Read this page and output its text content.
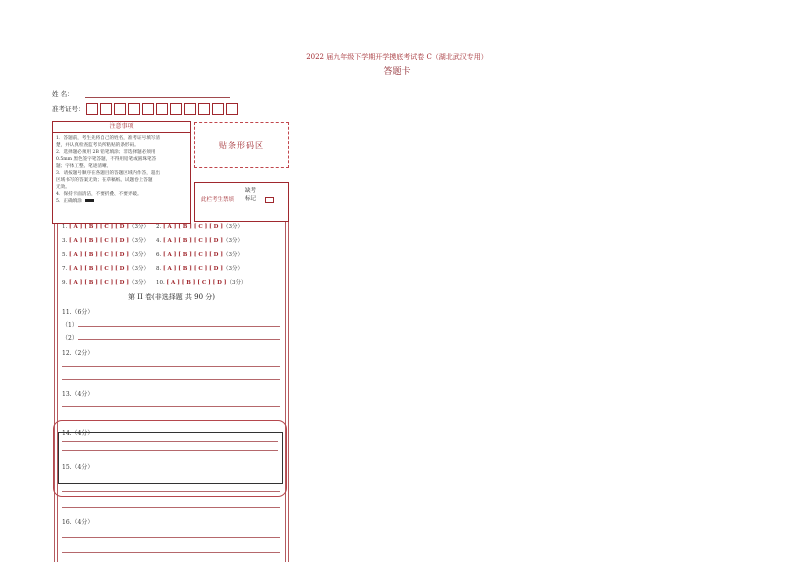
2022 届九年级下学期开学摸底考试卷 C（湖北武汉专用）
答题卡
姓 名：
准考证号：
注意事项

1．答题前，考生先将自己的姓名，准考证号填写清

楚，并认真检查监考员所粘贴的条形码。

2．选择题必须用 2B 铅笔填涂；非选择题必须用

0.5mm 黑色签字笔答题，不得用铅笔或圆珠笔答

题；字体工整、笔迹清晰。

3．请按题号顺序在各题目的答题区域内作答，超出

区域书写的答案无效；在草稿纸、试题卷上答题

无效。

4．保持卡面清洁，不要折叠、不要弄破。

5．正确填涂

贴条形码区
此栏考生禁填
缺考
标记
1. [ A ] [ B ] [ C ] [ D ]（3分） 2. [ A ] [ B ] [ C ] [ D ]（3分）
3. [ A ] [ B ] [ C ] [ D ]（3分） 4. [ A ] [ B ] [ C ] [ D ]（3分）
5. [ A ] [ B ] [ C ] [ D ]（3分） 6. [ A ] [ B ] [ C ] [ D ]（3分）
7. [ A ] [ B ] [ C ] [ D ]（3分） 8. [ A ] [ B ] [ C ] [ D ]（3分）
9. [ A ] [ B ] [ C ] [ D ]（3分） 10. [ A ] [ B ] [ C ] [ D ]（3分）
第 II 卷(非选择题 共 90 分)
11.（6分）
（1）
（2）
12.（2分）
13.（4分）
14.（4分）
15.（4分）
16.（4分）
